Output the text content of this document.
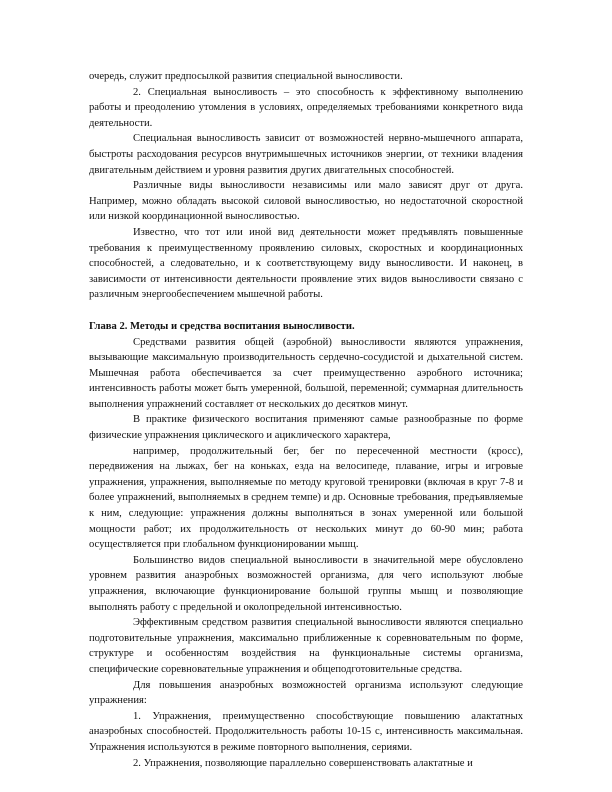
очередь, служит предпосылкой развития специальной выносливости.

2. Специальная выносливость – это способность к эффективному выполнению работы и преодолению утомления в условиях, определяемых требованиями конкретного вида деятельности.

Специальная выносливость зависит от возможностей нервно-мышечного аппарата, быстроты расходования ресурсов внутримышечных источников энергии, от техники владения двигательным действием и уровня развития других двигательных способностей.

Различные виды выносливости независимы или мало зависят друг от друга. Например, можно обладать высокой силовой выносливостью, но недостаточной скоростной или низкой координационной выносливостью.

Известно, что тот или иной вид деятельности может предъявлять повышенные требования к преимущественному проявлению силовых, скоростных и координационных способностей, а следовательно, и к соответствующему виду выносливости. И наконец, в зависимости от интенсивности деятельности проявление этих видов выносливости связано с различным энергообеспечением мышечной работы.

Глава 2. Методы и средства воспитания выносливости.

Средствами развития общей (аэробной) выносливости являются упражнения, вызывающие максимальную производительность сердечно-сосудистой и дыхательной систем. Мышечная работа обеспечивается за счет преимущественно аэробного источника; интенсивность работы может быть умеренной, большой, переменной; суммарная длительность выполнения упражнений составляет от нескольких до десятков минут.

В практике физического воспитания применяют самые разнообразные по форме физические упражнения циклического и ациклического характера,

например, продолжительный бег, бег по пересеченной местности (кросс), передвижения на лыжах, бег на коньках, езда на велосипеде, плавание, игры и игровые упражнения, упражнения, выполняемые по методу круговой тренировки (включая в круг 7-8 и более упражнений, выполняемых в среднем темпе) и др. Основные требования, предъявляемые к ним, следующие: упражнения должны выполняться в зонах умеренной или большой мощности работ; их продолжительность от нескольких минут до 60-90 мин; работа осуществляется при глобальном функционировании мышц.

Большинство видов специальной выносливости в значительной мере обусловлено уровнем развития анаэробных возможностей организма, для чего используют любые упражнения, включающие функционирование большой группы мышц и позволяющие выполнять работу с предельной и околопредельной интенсивностью.

Эффективным средством развития специальной выносливости являются специально подготовительные упражнения, максимально приближенные к соревновательным по форме, структуре и особенностям воздействия на функциональные системы организма, специфические соревновательные упражнения и общеподготовительные средства.

Для повышения анаэробных возможностей организма используют следующие упражнения:

1. Упражнения, преимущественно способствующие повышению алактатных анаэробных способностей. Продолжительность работы 10-15 с, интенсивность максимальная. Упражнения используются в режиме повторного выполнения, сериями.

2. Упражнения, позволяющие параллельно совершенствовать алактатные и
